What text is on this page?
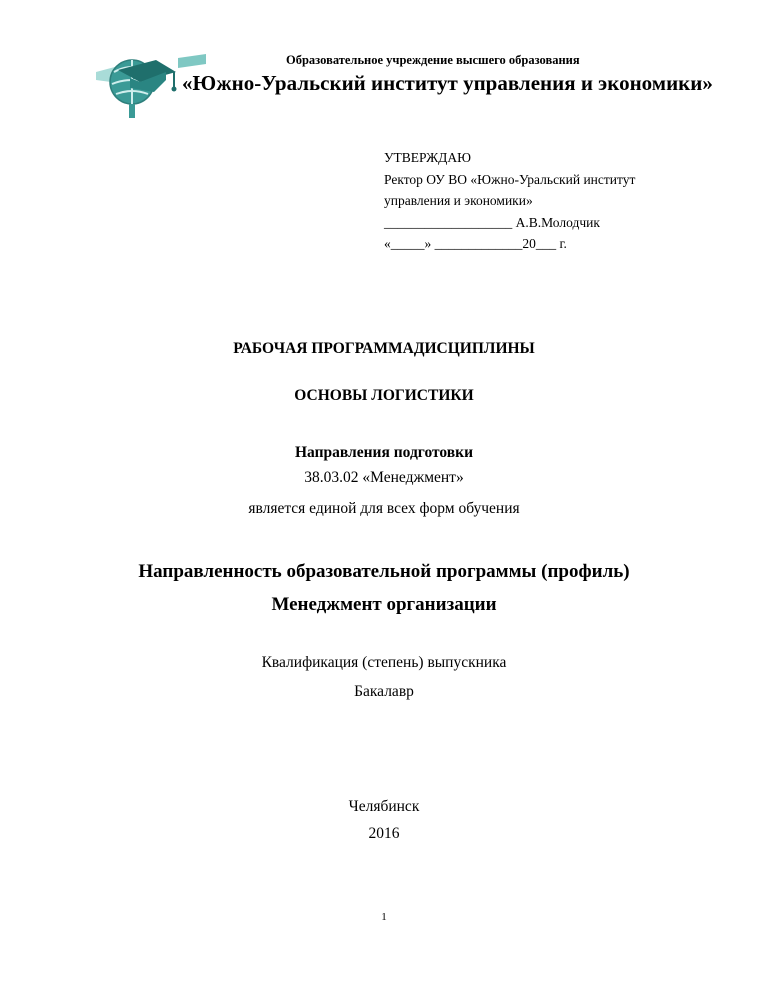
Образовательное учреждение высшего образования
«Южно-Уральский институт управления и экономики»
УТВЕРЖДАЮ
Ректор ОУ ВО «Южно-Уральский институт
управления и экономики»
___________________ А.В.Молодчик
«_____» _____________20___ г.
РАБОЧАЯ ПРОГРАММАДИСЦИПЛИНЫ
ОСНОВЫ ЛОГИСТИКИ
Направления подготовки
38.03.02 «Менеджмент»
является единой для всех форм обучения
Направленность образовательной программы (профиль)
Менеджмент организации
Квалификация (степень) выпускника
Бакалавр
Челябинск
2016
1
